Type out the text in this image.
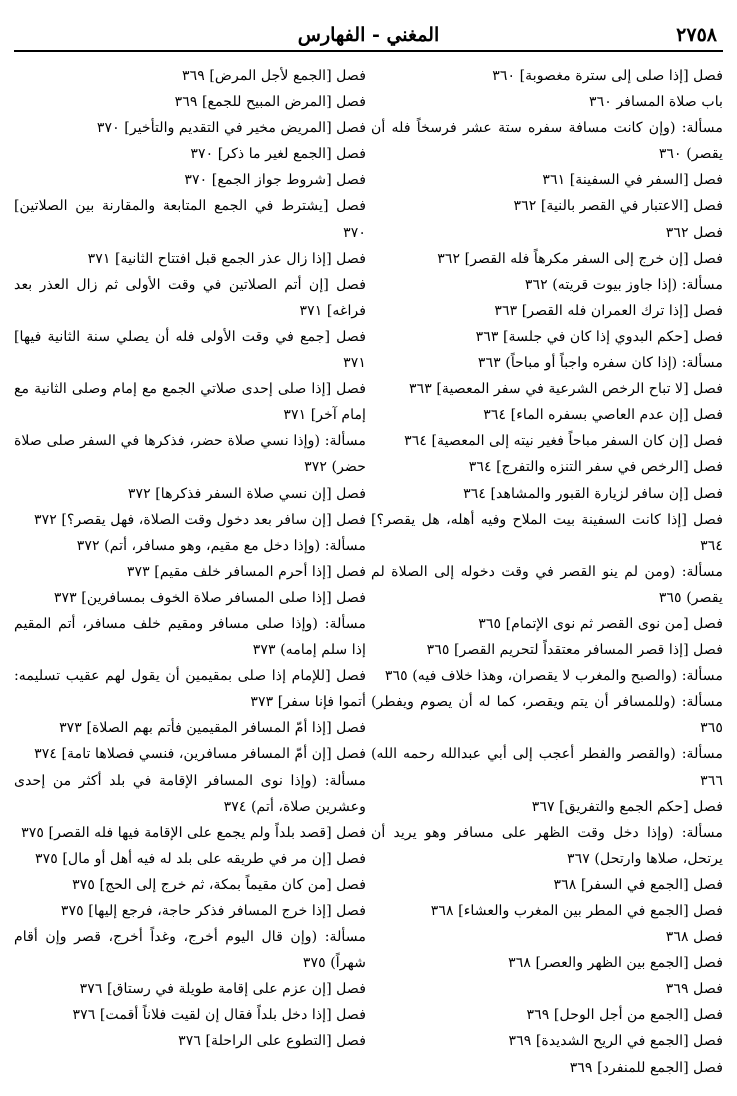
٢٧٥٨
المغني - الفهارس

فصل [إذا صلى إلى سترة مغصوبة] ٣٦٠

باب صلاة المسافر ٣٦٠

مسألة: (وإن كانت مسافة سفره ستة عشر فرسخاً فله أن يقصر) ٣٦٠

فصل [السفر في السفينة] ٣٦١

فصل [الاعتبار في القصر بالنية] ٣٦٢

فصل ٣٦٢

فصل [إن خرج إلى السفر مكرهاً فله القصر] ٣٦٢

مسألة: (إذا جاوز بيوت قريته) ٣٦٢

فصل [إذا ترك العمران فله القصر] ٣٦٣

فصل [حكم البدوي إذا كان في جلسة] ٣٦٣

مسألة: (إذا كان سفره واجباً أو مباحاً) ٣٦٣

فصل [لا تباح الرخص الشرعية في سفر المعصية] ٣٦٣

فصل [إن عدم العاصي بسفره الماء] ٣٦٤

فصل [إن كان السفر مباحاً فغير نيته إلى المعصية] ٣٦٤

فصل [الرخص في سفر التنزه والتفرج] ٣٦٤

فصل [إن سافر لزيارة القبور والمشاهد] ٣٦٤

فصل [إذا كانت السفينة بيت الملاح وفيه أهله، هل يقصر؟] ٣٦٤

مسألة: (ومن لم ينو القصر في وقت دخوله إلى الصلاة لم يقصر) ٣٦٥

فصل [من نوى القصر ثم نوى الإتمام] ٣٦٥

فصل [إذا قصر المسافر معتقداً لتحريم القصر] ٣٦٥

مسألة: (والصبح والمغرب لا يقصران، وهذا خلاف فيه) ٣٦٥

مسألة: (وللمسافر أن يتم ويقصر، كما له أن يصوم ويفطر) ٣٦٥

مسألة: (والقصر والفطر أعجب إلى أبي عبدالله رحمه الله) ٣٦٦

فصل [حكم الجمع والتفريق] ٣٦٧

مسألة: (وإذا دخل وقت الظهر على مسافر وهو يريد أن يرتحل، صلاها وارتحل) ٣٦٧

فصل [الجمع في السفر] ٣٦٨

فصل [الجمع في المطر بين المغرب والعشاء] ٣٦٨

فصل ٣٦٨

فصل [الجمع بين الظهر والعصر] ٣٦٨

فصل ٣٦٩

فصل [الجمع من أجل الوحل] ٣٦٩

فصل [الجمع في الريح الشديدة] ٣٦٩

فصل [الجمع للمنفرد] ٣٦٩

فصل [الجمع لأجل المرض] ٣٦٩

فصل [المرض المبيح للجمع] ٣٦٩

فصل [المريض مخير في التقديم والتأخير] ٣٧٠

فصل [الجمع لغير ما ذكر] ٣٧٠

فصل [شروط جواز الجمع] ٣٧٠

فصل [يشترط في الجمع المتابعة والمقارنة بين الصلاتين] ٣٧٠

فصل [إذا زال عذر الجمع قبل افتتاح الثانية] ٣٧١

فصل [إن أتم الصلاتين في وقت الأولى ثم زال العذر بعد فراغه] ٣٧١

فصل [جمع في وقت الأولى فله أن يصلي سنة الثانية فيها] ٣٧١

فصل [إذا صلى إحدى صلاتي الجمع مع إمام وصلى الثانية مع إمام آخر] ٣٧١

مسألة: (وإذا نسي صلاة حضر، فذكرها في السفر صلى صلاة حضر) ٣٧٢

فصل [إن نسي صلاة السفر فذكرها] ٣٧٢

فصل [إن سافر بعد دخول وقت الصلاة، فهل يقصر؟] ٣٧٢

مسألة: (وإذا دخل مع مقيم، وهو مسافر، أتم) ٣٧٢

فصل [إذا أحرم المسافر خلف مقيم] ٣٧٣

فصل [إذا صلى المسافر صلاة الخوف بمسافرين] ٣٧٣

مسألة: (وإذا صلى مسافر ومقيم خلف مسافر، أتم المقيم إذا سلم إمامه) ٣٧٣

فصل [للإمام إذا صلى بمقيمين أن يقول لهم عقيب تسليمه: أتموا فإنا سفر] ٣٧٣

فصل [إذا أمّ المسافر المقيمين فأتم بهم الصلاة] ٣٧٣

فصل [إن أمّ المسافر مسافرين، فنسي فصلاها تامة] ٣٧٤

مسألة: (وإذا نوى المسافر الإقامة في بلد أكثر من إحدى وعشرين صلاة، أتم) ٣٧٤

فصل [قصد بلداً ولم يجمع على الإقامة فيها فله القصر] ٣٧٥

فصل [إن مر في طريقه على بلد له فيه أهل أو مال] ٣٧٥

فصل [من كان مقيماً بمكة، ثم خرج إلى الحج] ٣٧٥

فصل [إذا خرج المسافر فذكر حاجة، فرجع إليها] ٣٧٥

مسألة: (وإن قال اليوم أخرج، وغداً أخرج، قصر وإن أقام شهراً) ٣٧٥

فصل [إن عزم على إقامة طويلة في رستاق] ٣٧٦

فصل [إذا دخل بلداً فقال إن لقيت فلاناً أقمت] ٣٧٦

فصل [التطوع على الراحلة] ٣٧٦
